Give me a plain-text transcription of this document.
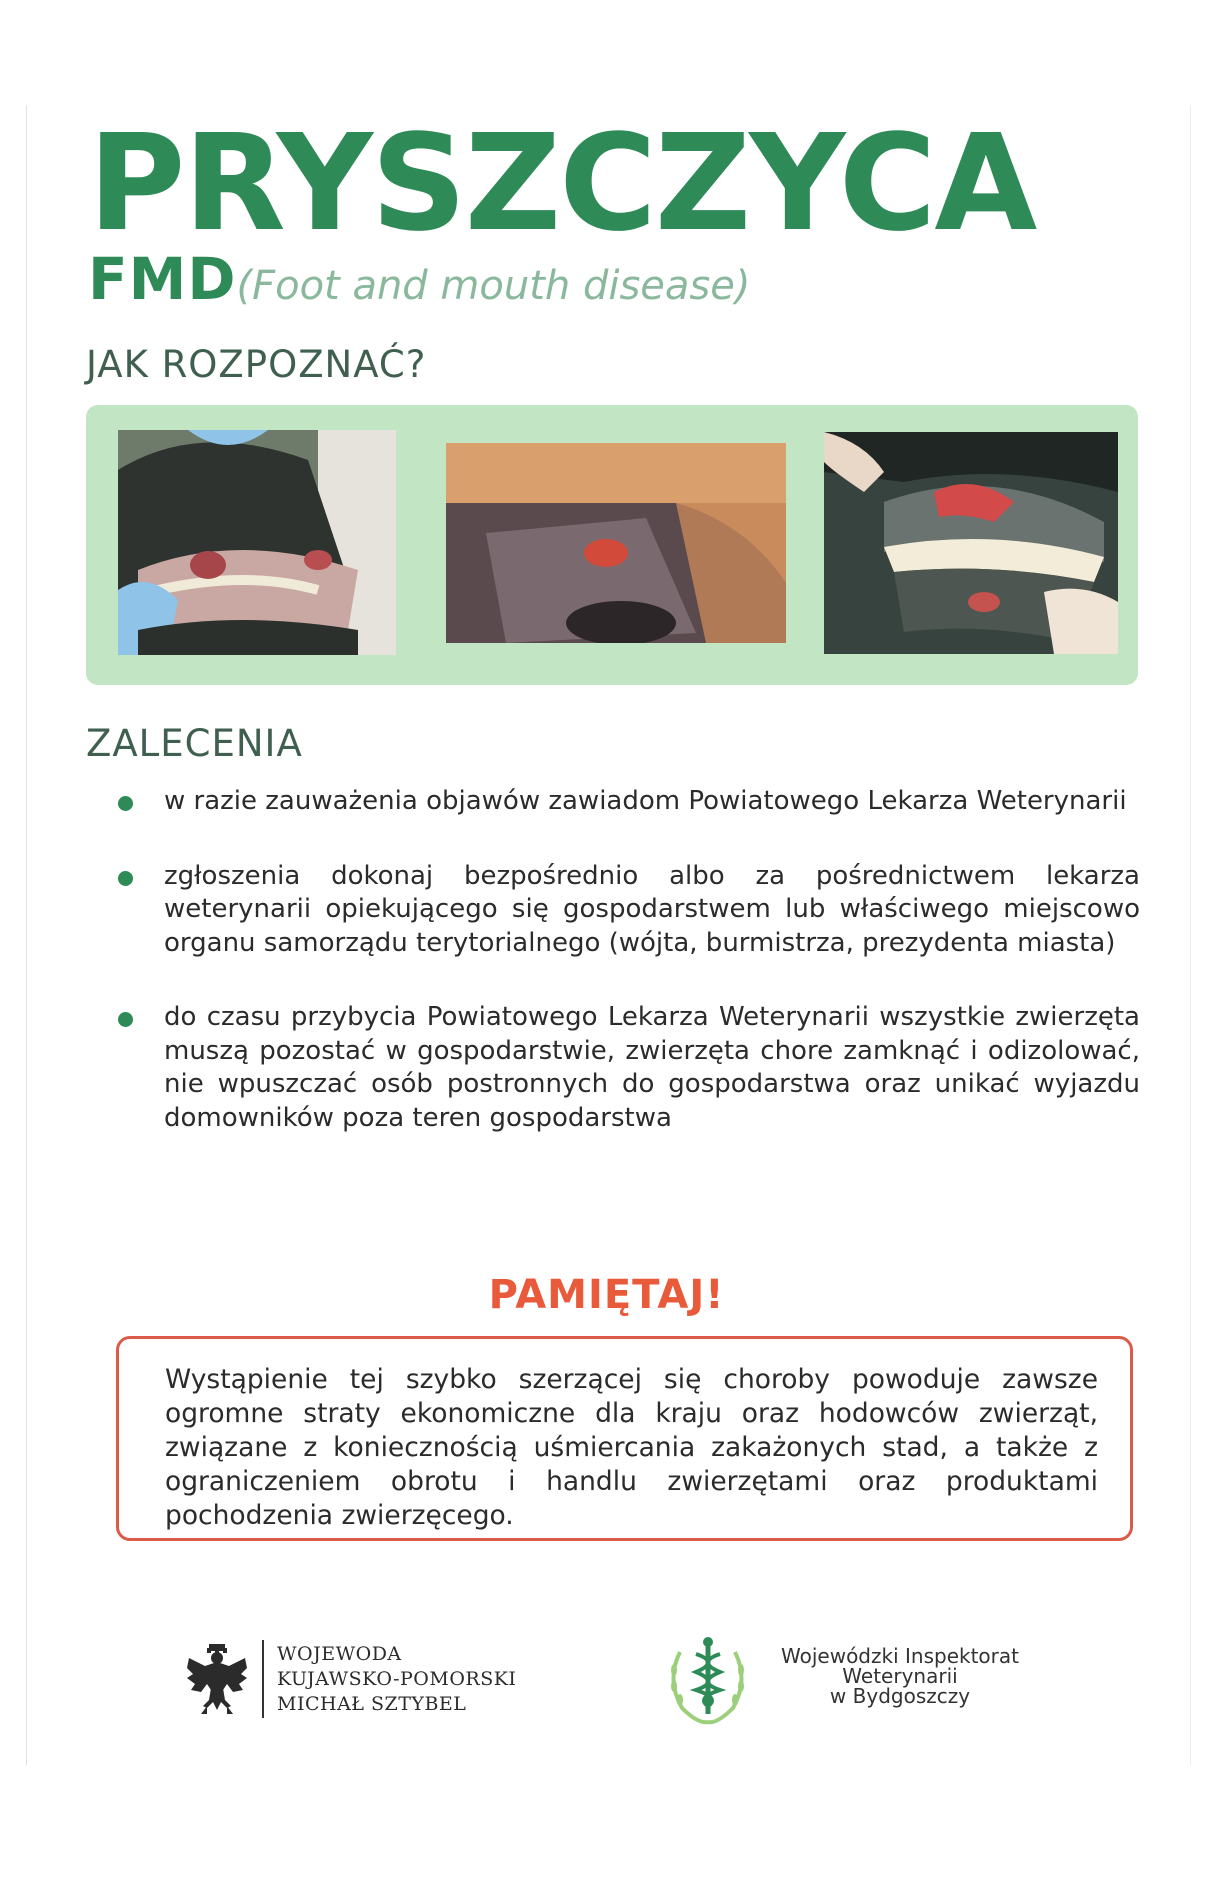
PRYSZCZYCA
FMD(Foot and mouth disease)
JAK ROZPOZNAĆ?
ZALECENIA
w razie zauważenia objawów zawiadom Powiatowego Lekarza Weterynarii
zgłoszenia dokonaj bezpośrednio albo za pośrednictwem lekarza weterynarii opiekującego się gospodarstwem lub właściwego miejscowo organu samorządu terytorialnego (wójta, burmistrza, prezydenta miasta)
do czasu przybycia Powiatowego Lekarza Weterynarii wszystkie zwierzęta muszą pozostać w gospodarstwie, zwierzęta chore zamknąć i odizolować, nie wpuszczać osób postronnych do gospodarstwa oraz unikać wyjazdu domowników poza teren gospodarstwa
PAMIĘTAJ!
Wystąpienie tej szybko szerzącej się choroby powoduje zawsze ogromne straty ekonomiczne dla kraju oraz hodowców zwierząt, związane z koniecznością uśmiercania zakażonych stad, a także z ograniczeniem obrotu i handlu zwierzętami oraz produktami pochodzenia zwierzęcego.
WOJEWODA
KUJAWSKO-POMORSKI
MICHAŁ SZTYBEL
Wojewódzki Inspektorat
Weterynarii
w Bydgoszczy
